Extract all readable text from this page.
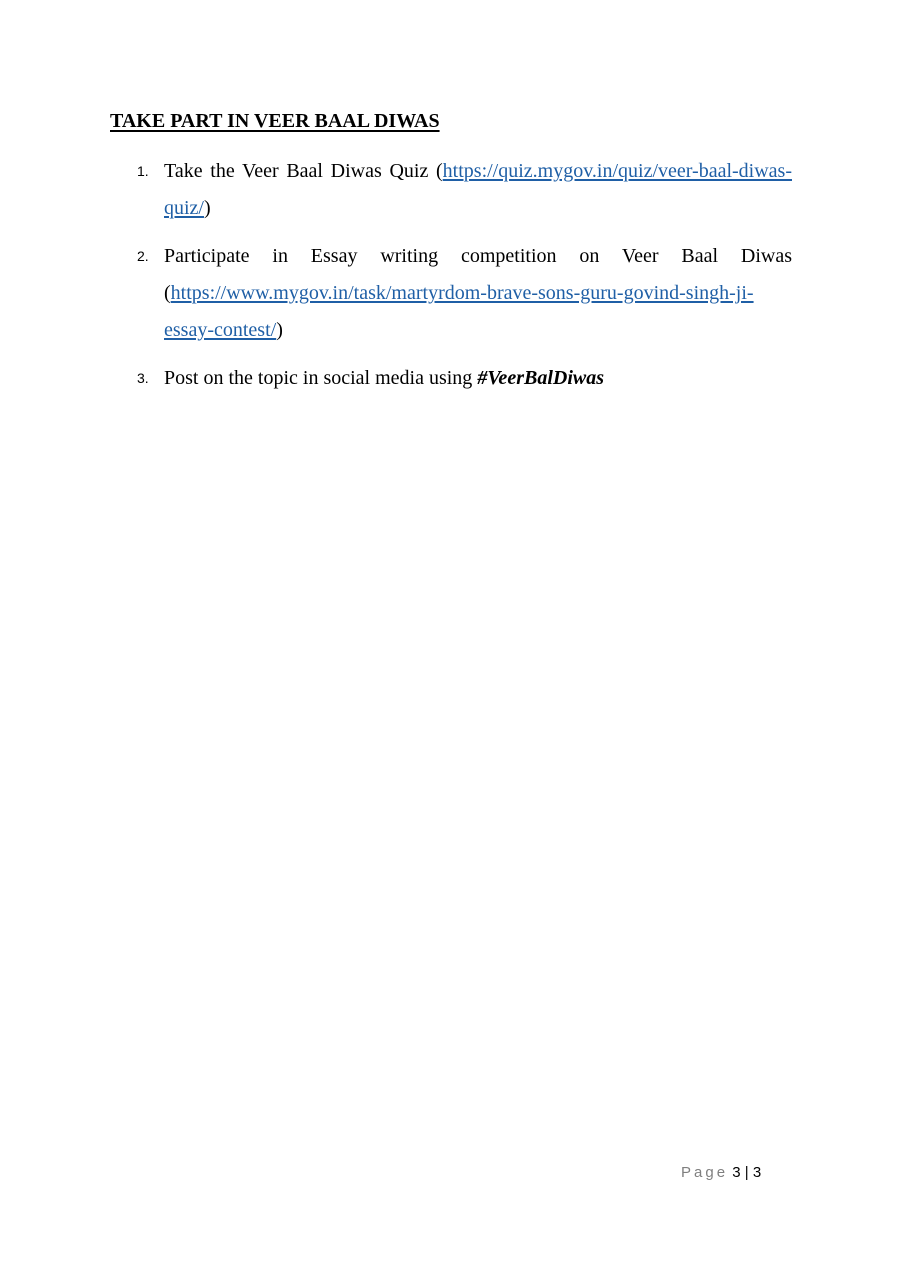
TAKE PART IN VEER BAAL DIWAS
1. Take the Veer Baal Diwas Quiz (https://quiz.mygov.in/quiz/veer-baal-diwas-quiz/)
2. Participate in Essay writing competition on Veer Baal Diwas (https://www.mygov.in/task/martyrdom-brave-sons-guru-govind-singh-ji-essay-contest/)
3. Post on the topic in social media using #VeerBalDiwas
Page 3 | 3
